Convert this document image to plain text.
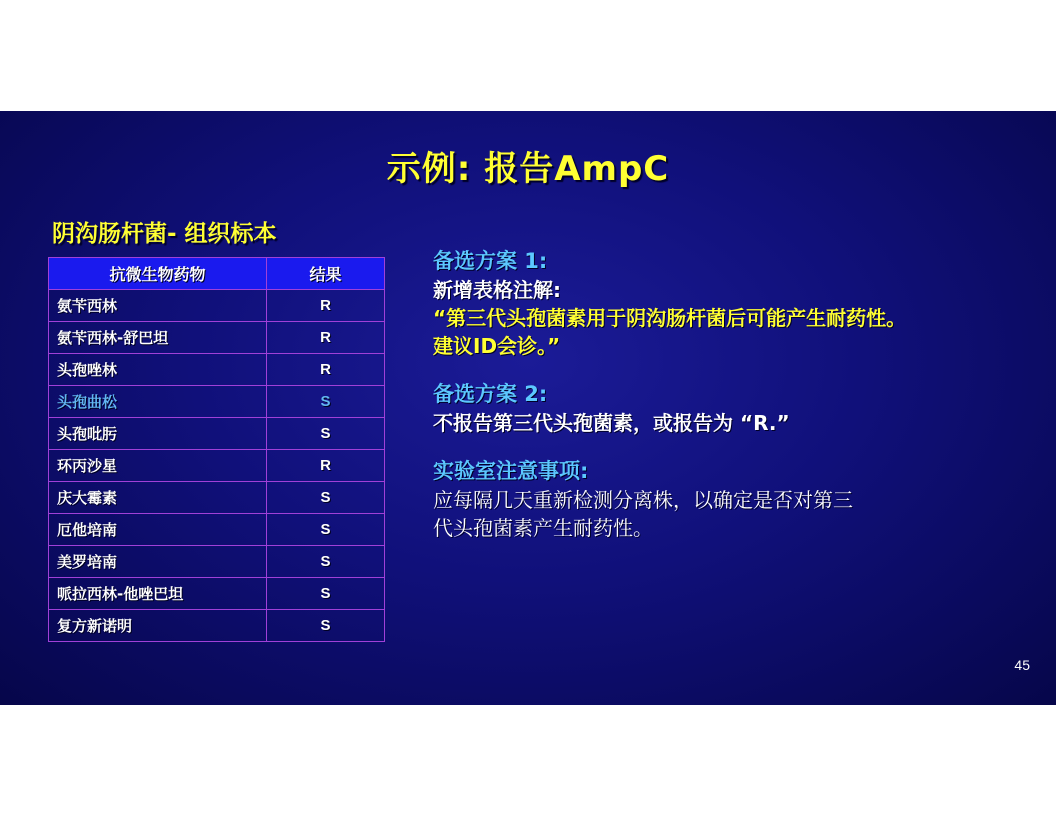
示例: 报告AmpC
阴沟肠杆菌- 组织标本
抗微生物药物	结果
氨苄西林	R
氨苄西林-舒巴坦	R
头孢唑林	R
头孢曲松	S
头孢吡肟	S
环丙沙星	R
庆大霉素	S
厄他培南	S
美罗培南	S
哌拉西林-他唑巴坦	S
复方新诺明	S
备选方案 1:
新增表格注解:
“第三代头孢菌素用于阴沟肠杆菌后可能产生耐药性。
建议ID会诊。”
备选方案 2:
不报告第三代头孢菌素，或报告为 “R.”
实验室注意事项:
应每隔几天重新检测分离株，以确定是否对第三
代头孢菌素产生耐药性。
45
